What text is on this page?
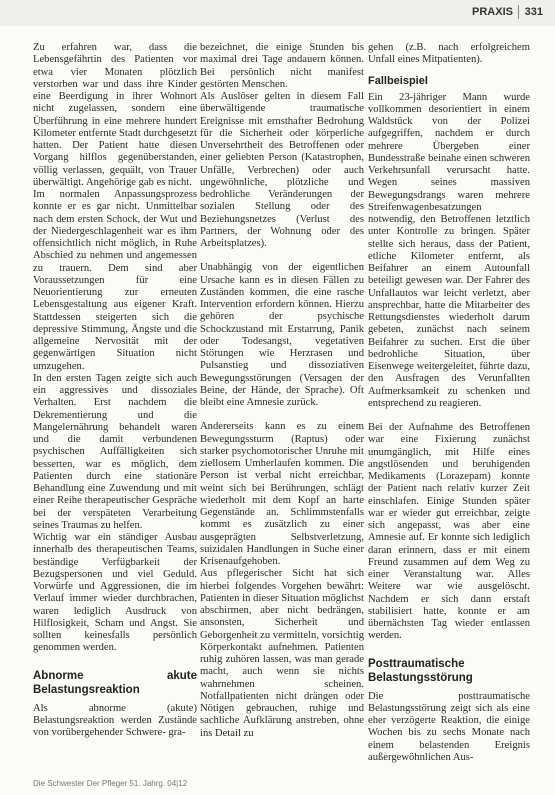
PRAXIS 331

Zu erfahren war, dass die Lebensgefährtin des Patienten vor etwa vier Monaten plötzlich verstorben war und dass ihre Kinder eine Beerdigung in ihrer Wohnort nicht zugelassen, sondern eine Überführung in eine mehrere hundert Kilometer entfernte Stadt durchgesetzt hatten. Der Patient hatte diesen Vorgang hilflos gegenüberstanden, völlig verlassen, gequält, von Trauer überwältigt. Angehörige gab es nicht.

Im normalen Anpassungsprozess konnte er es gar nicht. Unmittelbar nach dem ersten Schock, der Wut und der Niedergeschlagenheit war es ihm offensichtlich nicht möglich, in Ruhe Abschied zu nehmen und angemessen zu trauern. Dem sind aber Voraussetzungen für eine Neuorientierung zur erneuten Lebensgestaltung aus eigener Kraft. Stattdessen steigerten sich die depressive Stimmung, Ängste und die allgemeine Nervosität mit der gegenwärtigen Situation nicht umzugehen.

In den ersten Tagen zeigte sich auch ein aggressives und dissoziales Verhalten. Erst nachdem die Dekrementierung und die Mangelernährung behandelt waren und die damit verbundenen psychischen Auffälligkeiten sich besserten, war es möglich, dem Patienten durch eine stationäre Behandlung eine Zuwendung und mit einer Reihe therapeutischer Gespräche bei der verspäteten Verarbeitung seines Traumas zu helfen.

Wichtig war ein ständiger Ausbau innerhalb des therapeutischen Teams, beständige Verfügbarkeit der Bezugspersonen und viel Geduld. Vorwürfe und Aggressionen, die im Verlauf immer wieder durchbrachen, waren lediglich Ausdruck von Hilflosigkeit, Scham und Angst. Sie sollten keinesfalls persönlich genommen werden.

Abnorme akute Belastungsreaktion

Als abnorme (akute) Belastungsreaktion werden Zustände von vorübergehender Schwere- gra-

bezeichnet, die einige Stunden bis maximal drei Tage andauern können. Bei persönlich nicht manifest gestörten Menschen.

Als Auslöser gelten in diesem Fall überwältigende traumatische Ereignisse mit ernsthafter Bedrohung für die Sicherheit oder körperliche Unversehrtheit des Betroffenen oder einer geliebten Person (Katastrophen, Unfälle, Verbrechen) oder auch ungewöhnliche, plötzliche und bedrohliche Veränderungen der sozialen Stellung oder des Beziehungsnetzes (Verlust des Partners, der Wohnung oder des Arbeitsplatzes).

Unabhängig von der eigentlichen Ursache kann es in diesen Fällen zu Zuständen kommen, die eine rasche Intervention erfordern können. Hierzu gehören der psychische Schockzustand mit Erstarrung, Panik oder Todesangst, vegetativen Störungen wie Herzrasen und Pulsanstieg und dissoziativen Bewegungsstörungen (Versagen der Beine, der Hände, der Sprache). Oft bleibt eine Amnesie zurück.

Andererseits kann es zu einem Bewegungssturm (Raptus) oder starker psychomotorischer Unruhe mit ziellosem Umherlaufen kommen. Die Person ist verbal nicht erreichbar, weint sich bei Berührungen, schlägt wiederholt mit dem Kopf an harte Gegenstände an. Schlimmstenfalls kommt es zusätzlich zu einer ausgeprägten Selbstverletzung, suizidalen Handlungen in Suche einer Krisenaufgehoben.

Aus pflegerischer Sicht hat sich hierbei folgendes Vorgehen bewährt: Patienten in dieser Situation möglichst abschirmen, aber nicht bedrängen, ansonsten, Sicherheit und Geborgenheit zu vermitteln, vorsichtig Körperkontakt aufnehmen. Patienten ruhig zuhören lassen, was man gerade macht, auch wenn sie nichts wahrnehmen scheinen. Notfallpatienten nicht drängen oder Nötigen gebrauchen, ruhige und sachliche Aufklärung anstreben, ohne ins Detail zu

gehen (z.B. nach erfolgreichem Unfall eines Mitpatienten).

Fallbeispiel

Ein 23-jähriger Mann wurde vollkommen desorientiert in einem Waldstück von der Polizei aufgegriffen, nachdem er durch mehrere Übergeben einer Bundesstraße beinahe einen schweren Verkehrsunfall verursacht hatte. Wegen seines massiven Bewegungsdrangs waren mehrere Streifenwagenbesatzungen notwendig, den Betroffenen letztlich unter Kontrolle zu bringen. Später stellte sich heraus, dass der Patient, etliche Kilometer entfernt, als Beifahrer an einem Autounfall beteiligt gewesen war. Der Fahrer des Unfallautos war leicht verletzt, aber ansprechbar, hatte die Mitarbeiter des Rettungsdienstes wiederholt darum gebeten, zunächst nach seinem Beifahrer zu suchen. Erst die über bedrohliche Situation, über Eisenwege weitergeleitet, führte dazu, den Ausfragen des Verunfallten Aufmerksamkeit zu schenken und entsprechend zu reagieren.

Bei der Aufnahme des Betroffenen war eine Fixierung zunächst unumgänglich, mit Hilfe eines angstlösenden und beruhigenden Medikaments (Lorazepam) konnte der Patient nach relativ kurzer Zeit einschlafen. Einige Stunden später war er wieder gut erreichbar, zeigte sich angepasst, was aber eine Amnesie auf. Er konnte sich lediglich daran erinnern, dass er mit einem Freund zusammen auf dem Weg zu einer Veranstaltung war. Alles Weitere war wie ausgelöscht. Nachdem er sich dann erstaft stabilisiert hatte, konnte er am übernächsten Tag wieder entlassen werden.

Posttraumatische Belastungsstörung

Die posttraumatische Belastungsstörung zeigt sich als eine eher verzögerte Reaktion, die einige Wochen bis zu sechs Monate nach einem belastenden Ereignis außergewöhnlichen Aus-

Die Schwester Der Pfleger 51. Jahrg. 04|12
